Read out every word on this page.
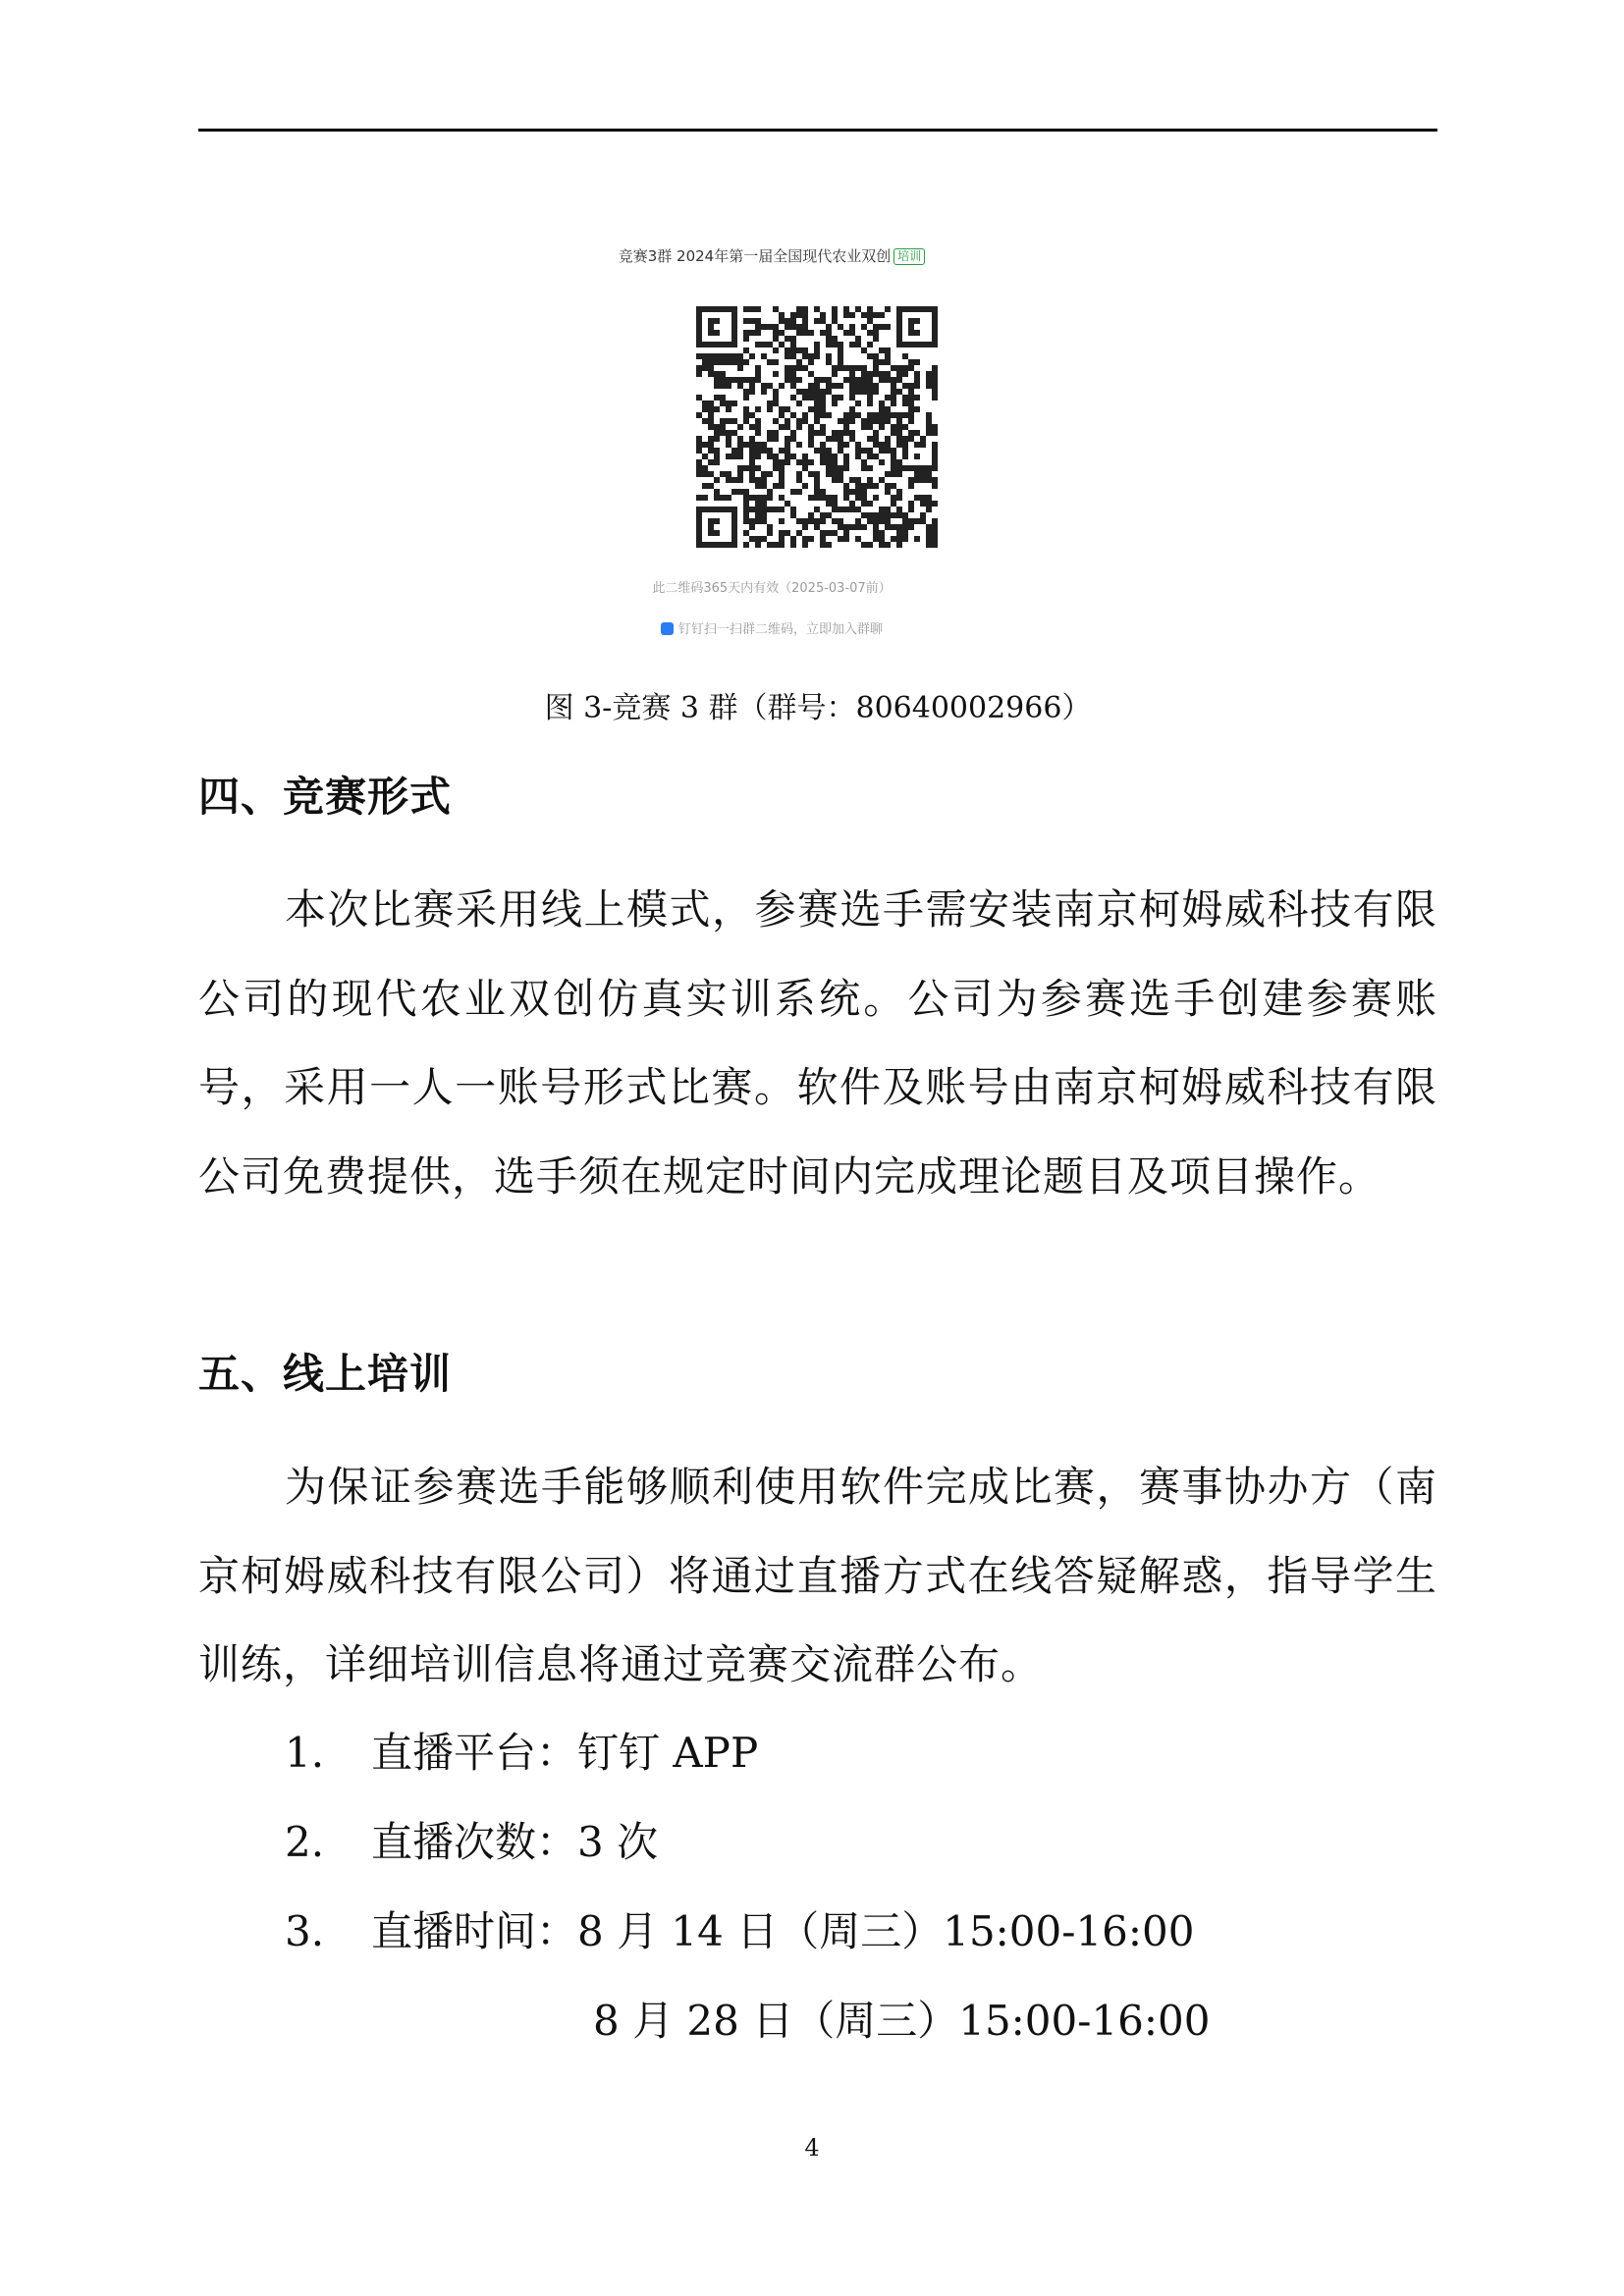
竞赛3群 2024年第一届全国现代农业双创 培训
此二维码365天内有效（2025-03-07前）
钉钉扫一扫群二维码，立即加入群聊
图 3-竞赛 3 群（群号：80640002966）
四、竞赛形式
本次比赛采用线上模式，参赛选手需安装南京柯姆威科技有限公司的现代农业双创仿真实训系统。公司为参赛选手创建参赛账号，采用一人一账号形式比赛。软件及账号由南京柯姆威科技有限公司免费提供，选手须在规定时间内完成理论题目及项目操作。
五、线上培训
为保证参赛选手能够顺利使用软件完成比赛，赛事协办方（南京柯姆威科技有限公司）将通过直播方式在线答疑解惑，指导学生训练，详细培训信息将通过竞赛交流群公布。
1. 直播平台：钉钉 APP
2. 直播次数：3 次
3. 直播时间：8 月 14 日（周三）15:00-16:00
8 月 28 日（周三）15:00-16:00
4
